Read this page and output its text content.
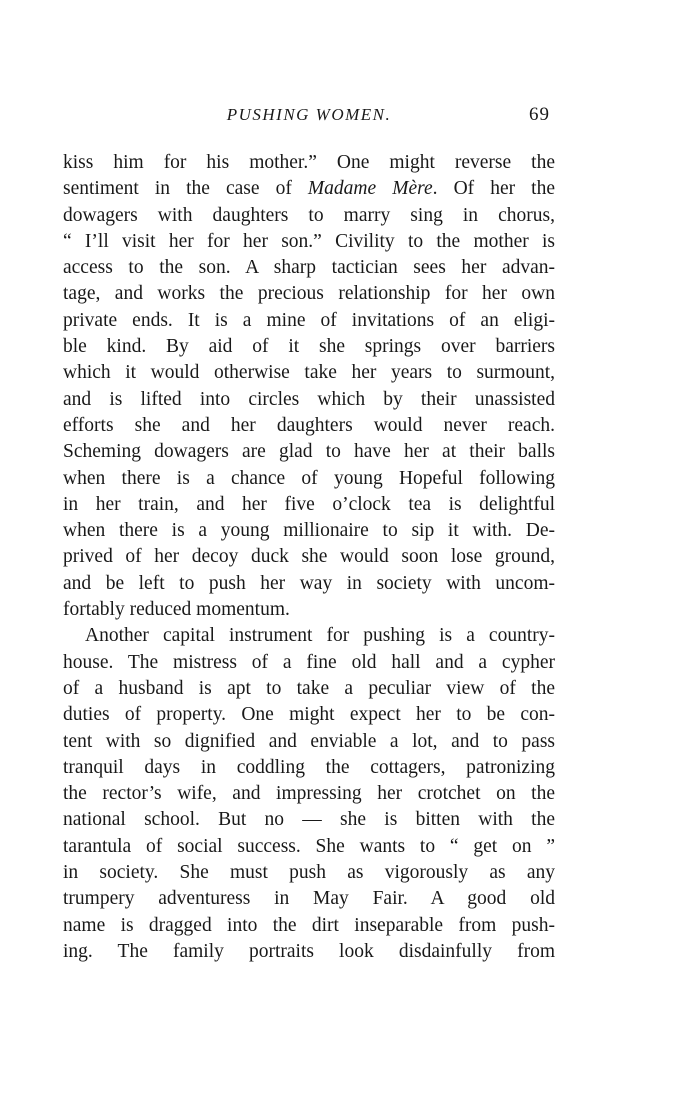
PUSHING WOMEN.	69
kiss him for his mother.” One might reverse the
sentiment in the case of Madame Mère. Of her the
dowagers with daughters to marry sing in chorus,
“ I’ll visit her for her son.” Civility to the mother is
access to the son. A sharp tactician sees her advan-
tage, and works the precious relationship for her own
private ends. It is a mine of invitations of an eligi-
ble kind. By aid of it she springs over barriers
which it would otherwise take her years to surmount,
and is lifted into circles which by their unassisted
efforts she and her daughters would never reach.
Scheming dowagers are glad to have her at their balls
when there is a chance of young Hopeful following
in her train, and her five o’clock tea is delightful
when there is a young millionaire to sip it with. De-
prived of her decoy duck she would soon lose ground,
and be left to push her way in society with uncom-
fortably reduced momentum.
Another capital instrument for pushing is a country-
house. The mistress of a fine old hall and a cypher
of a husband is apt to take a peculiar view of the
duties of property. One might expect her to be con-
tent with so dignified and enviable a lot, and to pass
tranquil days in coddling the cottagers, patronizing
the rector’s wife, and impressing her crotchet on the
national school. But no — she is bitten with the
tarantula of social success. She wants to “ get on ”
in society. She must push as vigorously as any
trumpery adventuress in May Fair. A good old
name is dragged into the dirt inseparable from push-
ing. The family portraits look disdainfully from
